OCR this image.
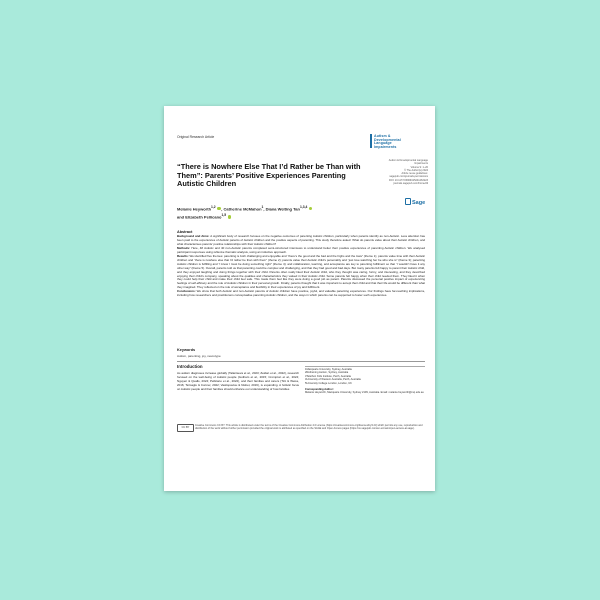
Original Research Article	Autism &
Developmental
Language
Impairments
Autism & Developmental Language
Impairments
Volume 9: 1–20
© The Author(s) 2024
Article reuse guidelines:
sagepub.com/journals-permissions
DOI: 10.1177/23969415241263223
journals.sagepub.com/home/dli
Sage
“There is Nowhere Else That I’d Rather be Than with Them”: Parents’ Positive Experiences Parenting Autistic Children

Melanie Heyworth$^{1,2}$ , Catherine McMahon$^1$, Diana Weiting Tan$^{1,3,4}$
and Elizabeth Pellicano$^{1,5}$

Abstract

Background and Aims: A significant body of research focuses on the negative outcomes of parenting Autistic children, particularly when parents identify as non-Autistic. Less attention has been paid to the experiences of Autistic parents of Autistic children and the positive aspects of parenting. This study therefore asked: What do parents value about their Autistic children, and what characterises parents’ positive relationships with their Autistic children?

Methods: Here, 48 Autistic and 40 non-Autistic parents completed semi-structured interviews to understand better their positive experiences of parenting Autistic children. We analysed participant responses using reflexive thematic analysis, using an inductive approach.

Results: We identified five themes: parenting is both challenging and enjoyable and “there’s the good and the bad and the highs and the lows” (theme 1); parents value time with their Autistic children and “there is nowhere else that I’d rather be than with them” (theme 2); parents value their Autistic child’s personality and “just love watching her be who she is” (theme 3); parenting Autistic children is fulfilling and “I know I must be doing something right” (theme 4); and collaboration, learning, and acceptance are key to parenting fulfilment so that “I wouldn’t have it any other way” (theme 5). Overall, parents told us that parenting could be complex and challenging, and that they had good and bad days. But many parents felt happy to parent their Autistic child, and they enjoyed laughing and doing things together with their child. Parents often really liked their Autistic child, who they thought was caring, funny, and interesting, and they described enjoying their child’s company, speaking about the qualities and characteristics they valued in their Autistic child. Some parents felt happy when their child needed them. They liked it when they could help their child and make their child feel safe. This made them feel like they were doing a good job as parent. Parents discussed the personal positive impact of experiencing feelings of self-efficacy and the role of Autistic children in their personal growth. Finally, parents thought that it was important to accept their child and that their life would be different than what they imagined. They reflected on the role of acceptance and flexibility in their experiences of joy and fulfilment.

Conclusions: We show that both Autistic and non-Autistic parents of Autistic children have positive, joyful, and valuable parenting experiences. Our findings have far-reaching implications, including how researchers and practitioners conceptualise parenting Autistic children, and the ways in which parents can be supported to foster such experiences.

Keywords

Autism, parenting, joy, neurotype

Introduction

As autism diagnoses increase globally (Talantseva et al., 2023; Zeidan et al., 2022), research focused on the well-being of Autistic people (Gotham et al., 2015; Crompton et al., 2024; Nguyen & Qualls, 2024; Pellicano et al., 2022), and their families and carers (Tint & Weiss, 2016; Tsimaglu & Conner, 2022; Vasilopoulou & Nisbet, 2016), is expanding. A holistic focus on Autistic people and their families should enhance our understanding of how families

1Macquarie University, Sydney, Australia
2Reframing Autism, Sydney, Australia
3Telethon Kids Institute, Perth, Australia
4University of Western Australia, Perth, Australia
5University College London, London, UK
Corresponding Author:
Melanie Heyworth, Macquarie University, Sydney 2109, Australia. Email: melanie.heyworth@mq.edu.au
CC BY

Creative Commons CC BY: This article is distributed under the terms of the Creative Commons Attribution 4.0 License (https://creativecommons.org/licenses/by/4.0/) which permits any use, reproduction and distribution of the work without further permission provided the original work is attributed as specified on the SAGE and Open Access pages (https://us.sagepub.com/en-us/nam/open-access-at-sage).
